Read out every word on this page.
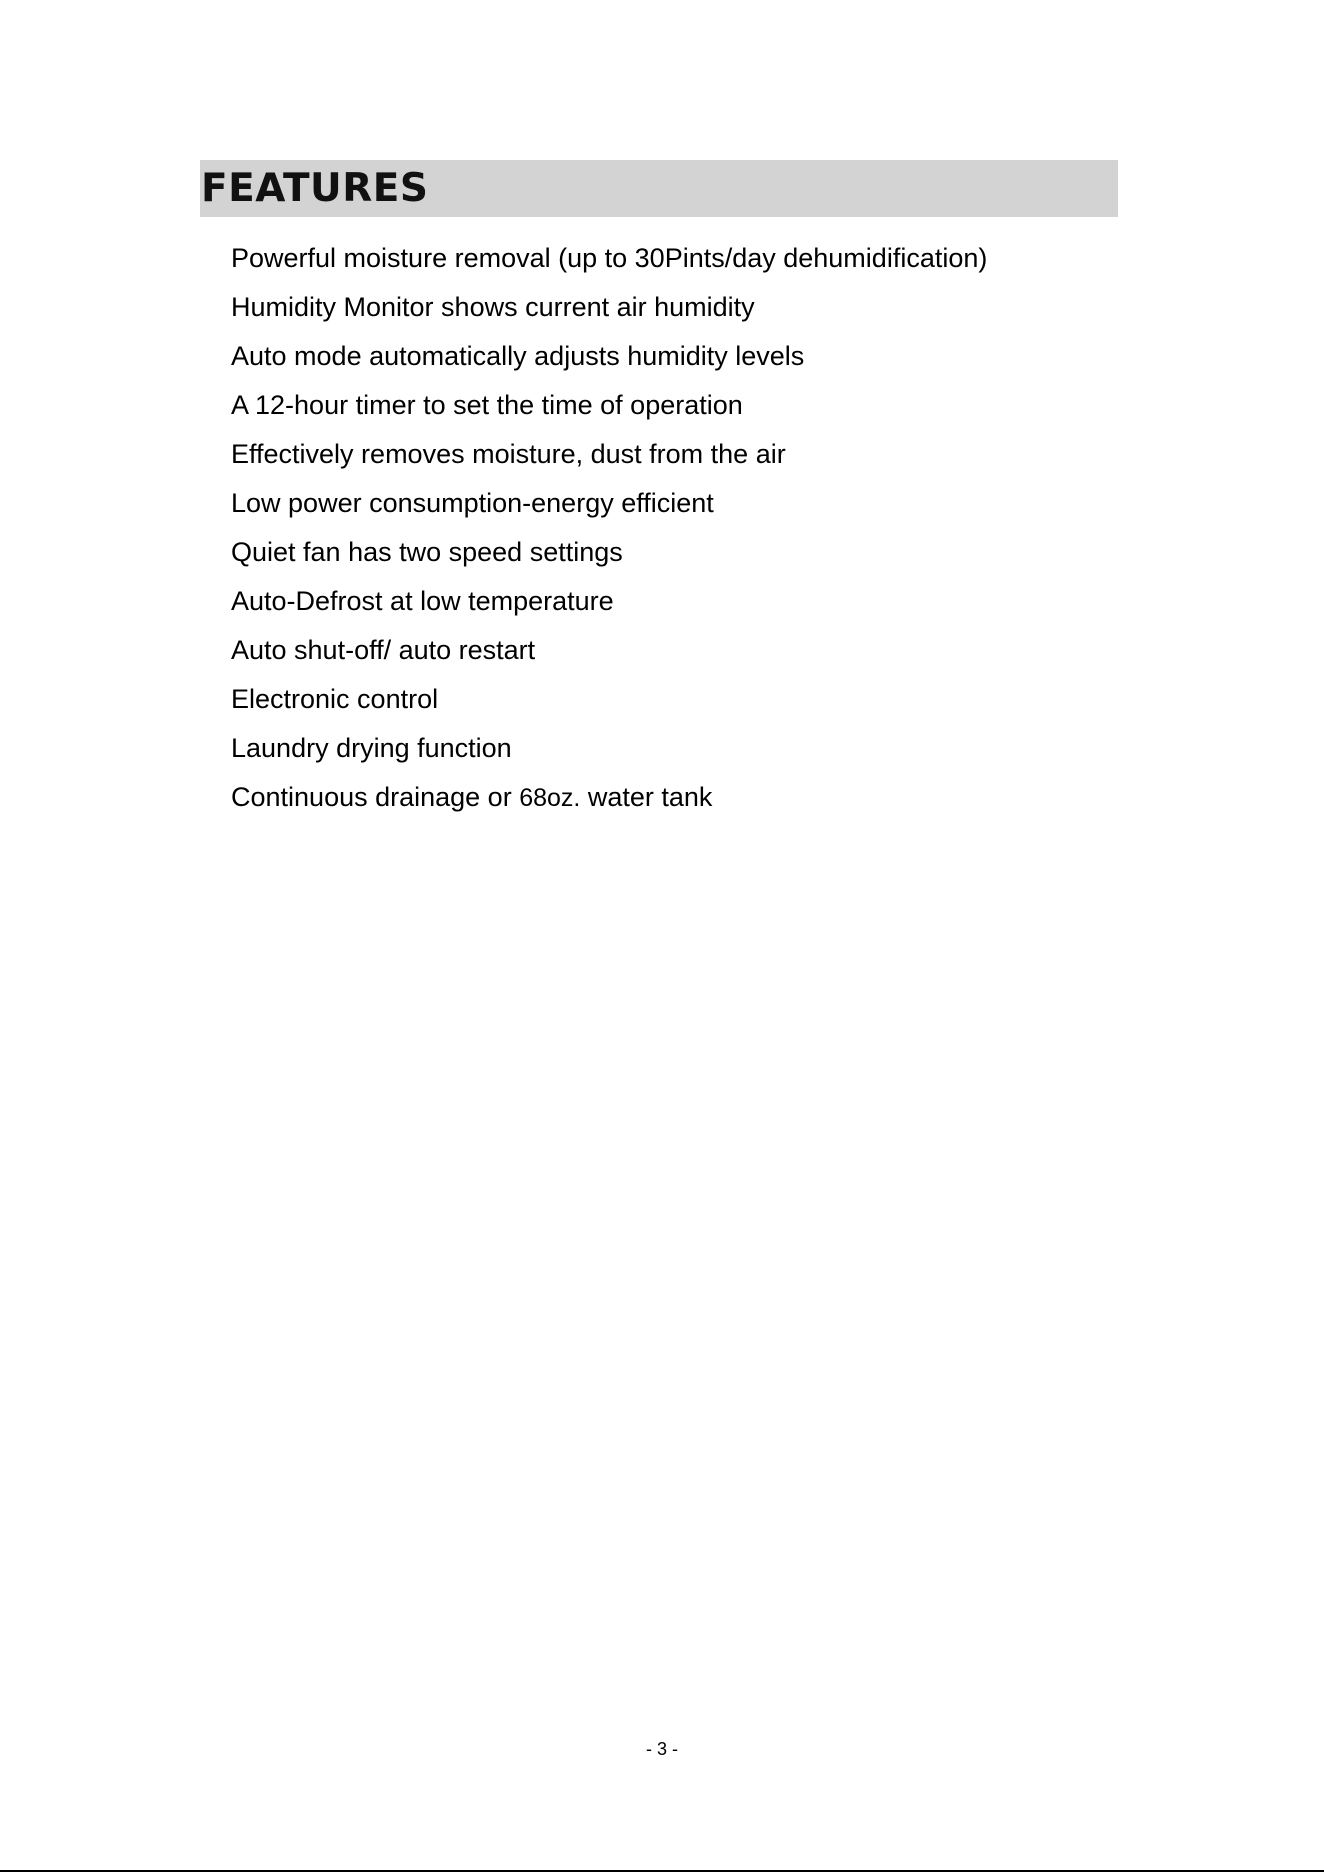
FEATURES
Powerful moisture removal (up to 30Pints/day dehumidification)
Humidity Monitor shows current air humidity
Auto mode automatically adjusts humidity levels
A 12-hour timer to set the time of operation
Effectively removes moisture, dust from the air
Low power consumption-energy efficient
Quiet fan has two speed settings
Auto-Defrost at low temperature
Auto shut-off/ auto restart
Electronic control
Laundry drying function
Continuous drainage or 68oz. water tank
- 3 -
